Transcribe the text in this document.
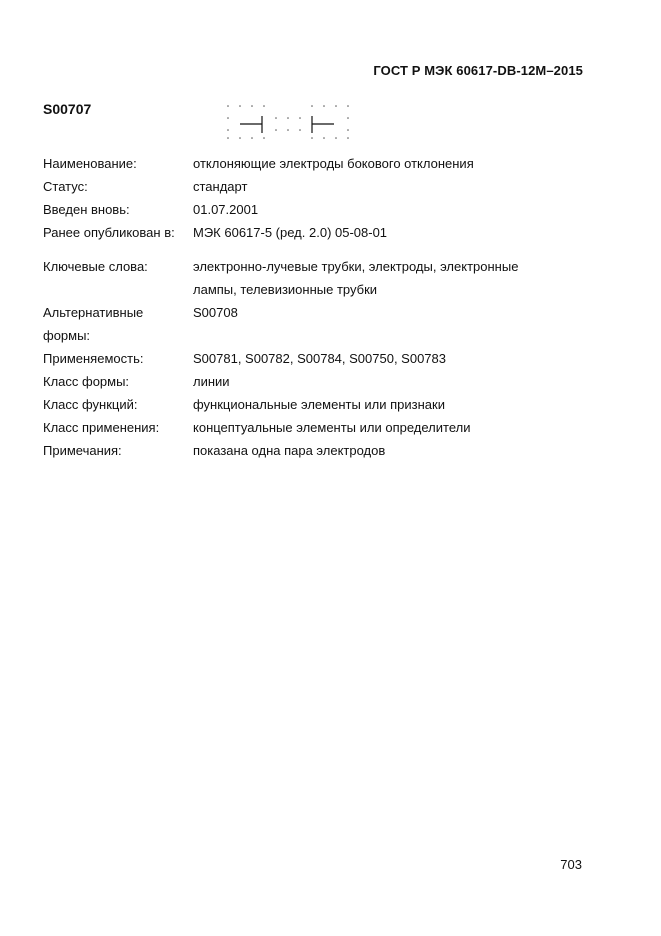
ГОСТ Р МЭК 60617-DB-12M–2015
S00707
Наименование:	отклоняющие электроды бокового отклонения
Статус:	стандарт
Введен вновь:	01.07.2001
Ранее опубликован в:	МЭК 60617-5 (ред. 2.0) 05-08-01
Ключевые слова:	электронно-лучевые трубки, электроды, электронные
лампы, телевизионные трубки
Альтернативные	S00708
формы:
Применяемость:	S00781, S00782, S00784, S00750, S00783
Класс формы:	линии
Класс функций:	функциональные элементы или признаки
Класс применения:	концептуальные элементы или определители
Примечания:	показана одна пара электродов
703
